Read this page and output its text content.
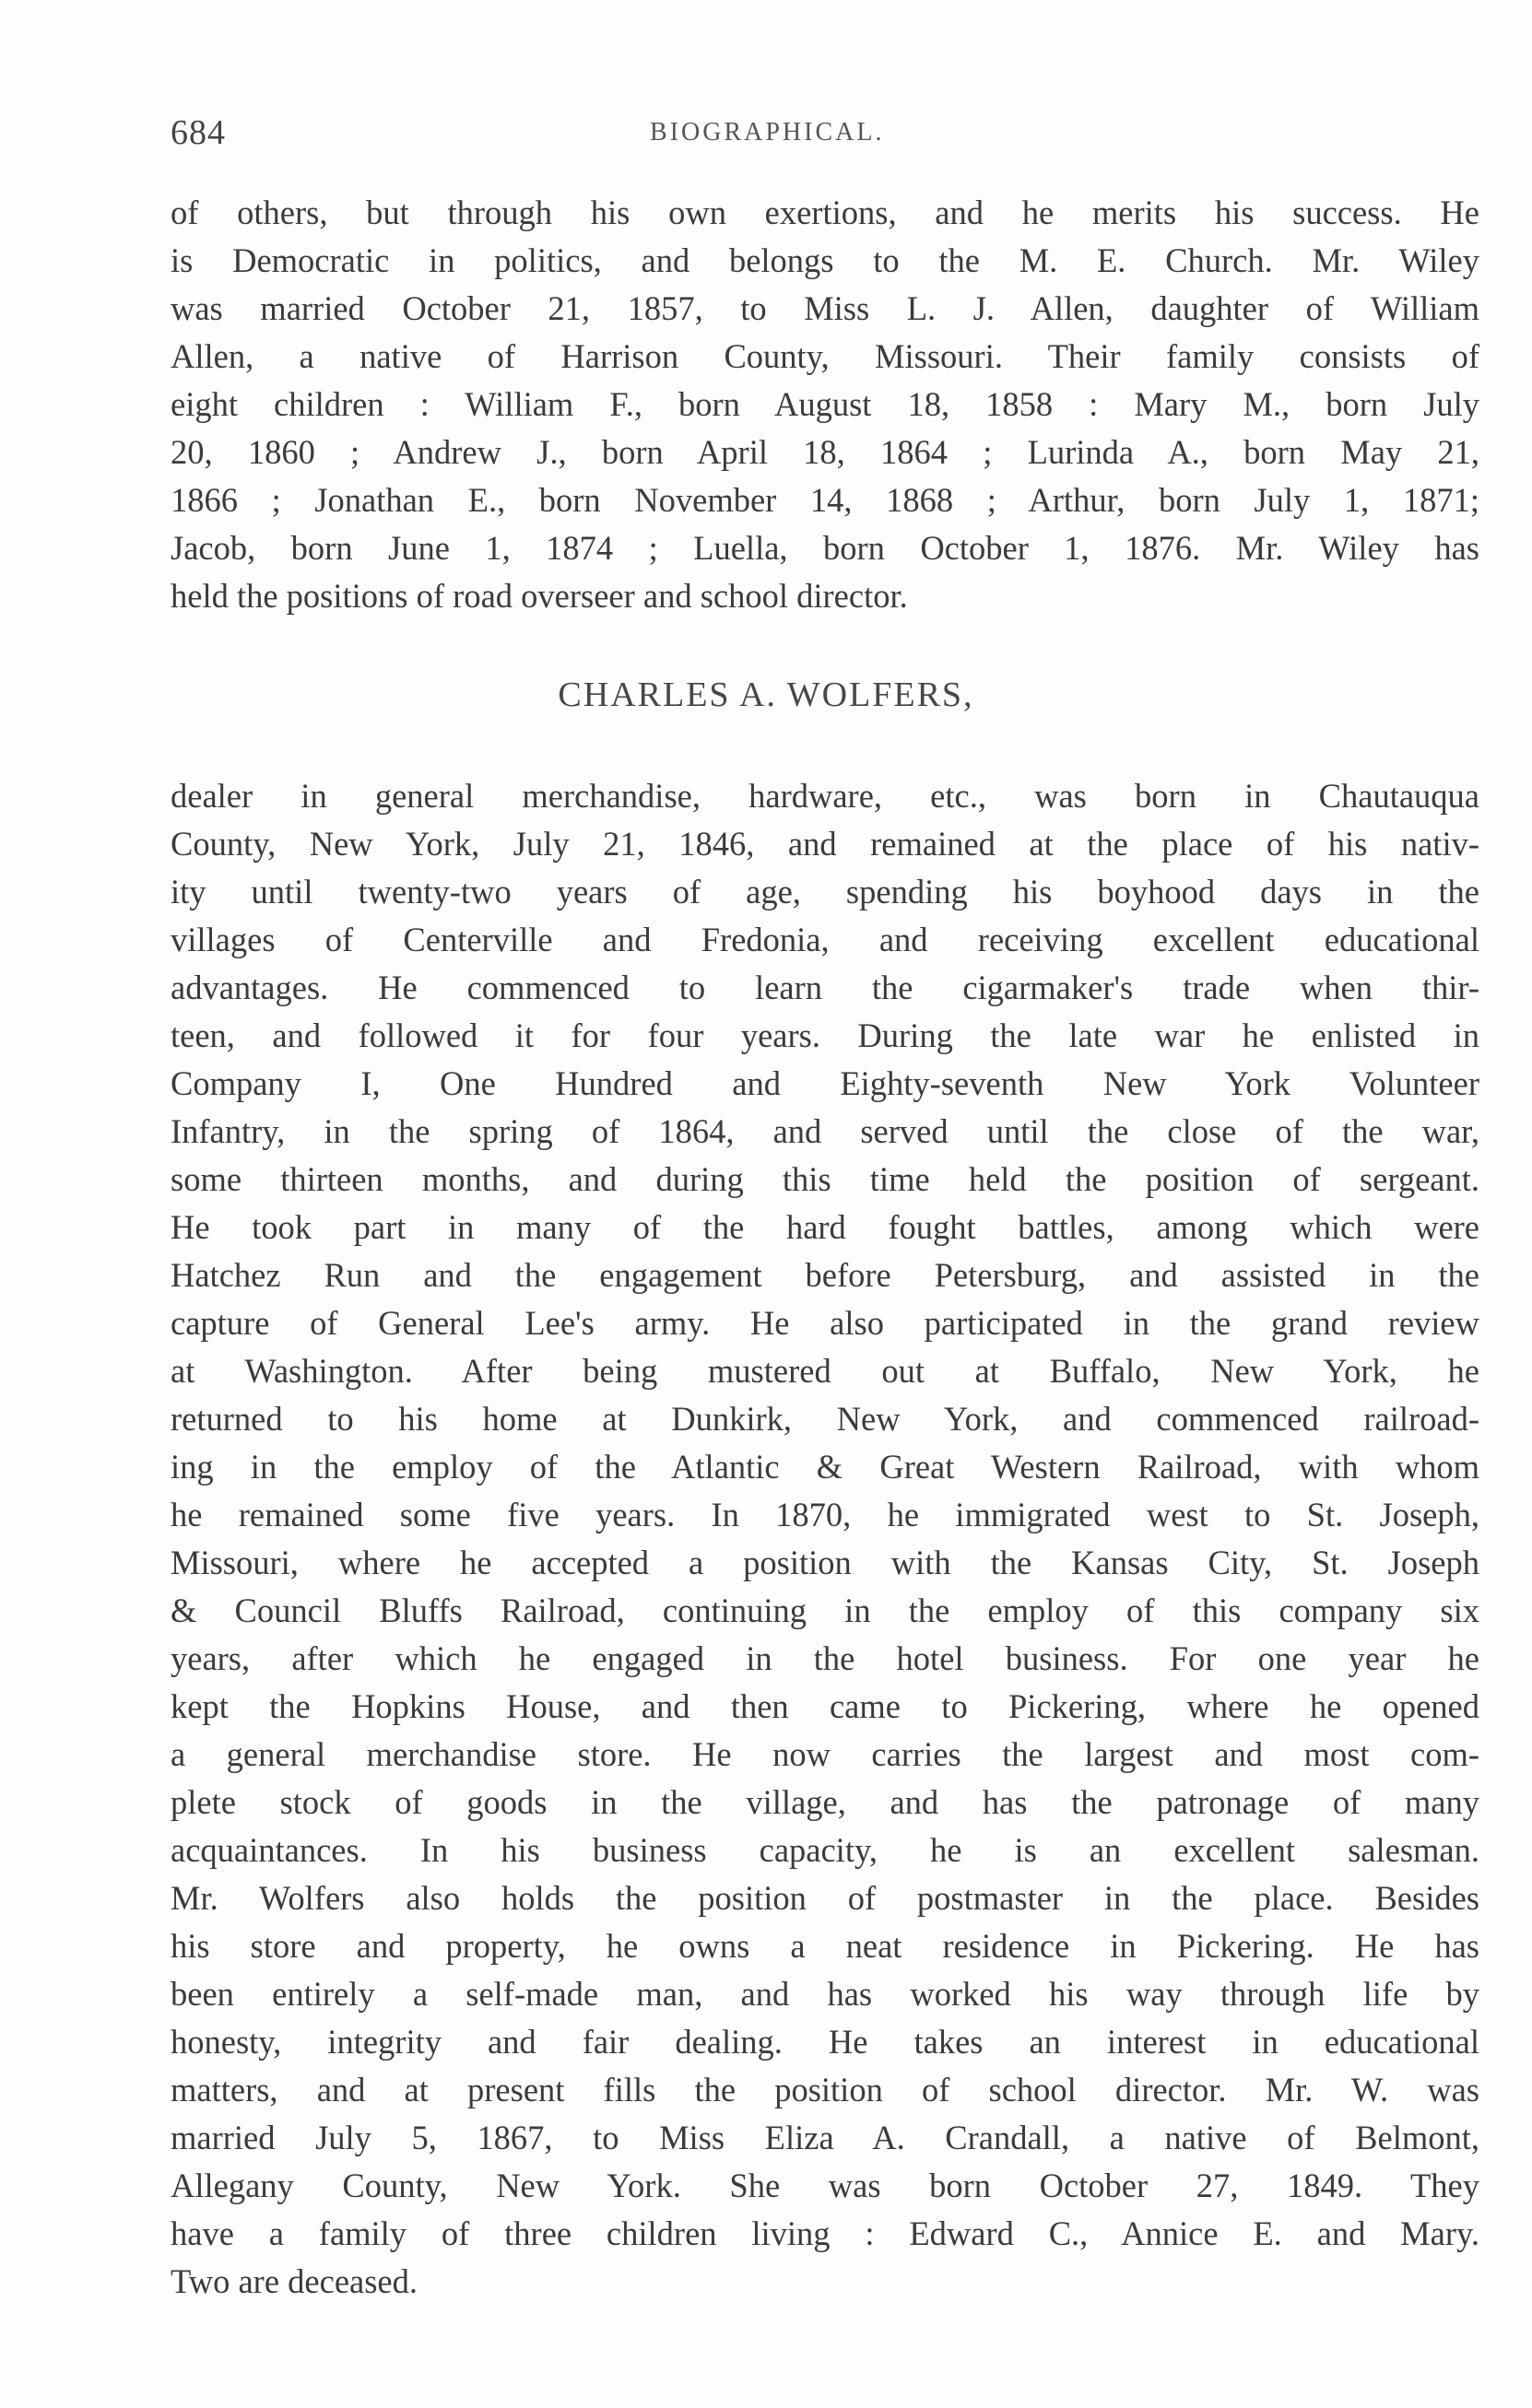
684	BIOGRAPHICAL.
of others, but through his own exertions, and he merits his success. He
is Democratic in politics, and belongs to the M. E. Church. Mr. Wiley
was married October 21, 1857, to Miss L. J. Allen, daughter of William
Allen, a native of Harrison County, Missouri. Their family consists of
eight children : William F., born August 18, 1858 : Mary M., born July
20, 1860 ; Andrew J., born April 18, 1864 ; Lurinda A., born May 21,
1866 ; Jonathan E., born November 14, 1868 ; Arthur, born July 1, 1871;
Jacob, born June 1, 1874 ; Luella, born October 1, 1876. Mr. Wiley has
held the positions of road overseer and school director.
CHARLES A. WOLFERS,
dealer in general merchandise, hardware, etc., was born in Chautauqua
County, New York, July 21, 1846, and remained at the place of his nativ-
ity until twenty-two years of age, spending his boyhood days in the
villages of Centerville and Fredonia, and receiving excellent educational
advantages. He commenced to learn the cigarmaker's trade when thir-
teen, and followed it for four years. During the late war he enlisted in
Company I, One Hundred and Eighty-seventh New York Volunteer
Infantry, in the spring of 1864, and served until the close of the war,
some thirteen months, and during this time held the position of sergeant.
He took part in many of the hard fought battles, among which were
Hatchez Run and the engagement before Petersburg, and assisted in the
capture of General Lee's army. He also participated in the grand review
at Washington. After being mustered out at Buffalo, New York, he
returned to his home at Dunkirk, New York, and commenced railroad-
ing in the employ of the Atlantic & Great Western Railroad, with whom
he remained some five years. In 1870, he immigrated west to St. Joseph,
Missouri, where he accepted a position with the Kansas City, St. Joseph
& Council Bluffs Railroad, continuing in the employ of this company six
years, after which he engaged in the hotel business. For one year he
kept the Hopkins House, and then came to Pickering, where he opened
a general merchandise store. He now carries the largest and most com-
plete stock of goods in the village, and has the patronage of many
acquaintances. In his business capacity, he is an excellent salesman.
Mr. Wolfers also holds the position of postmaster in the place. Besides
his store and property, he owns a neat residence in Pickering. He has
been entirely a self-made man, and has worked his way through life by
honesty, integrity and fair dealing. He takes an interest in educational
matters, and at present fills the position of school director. Mr. W. was
married July 5, 1867, to Miss Eliza A. Crandall, a native of Belmont,
Allegany County, New York. She was born October 27, 1849. They
have a family of three children living : Edward C., Annice E. and Mary.
Two are deceased.
